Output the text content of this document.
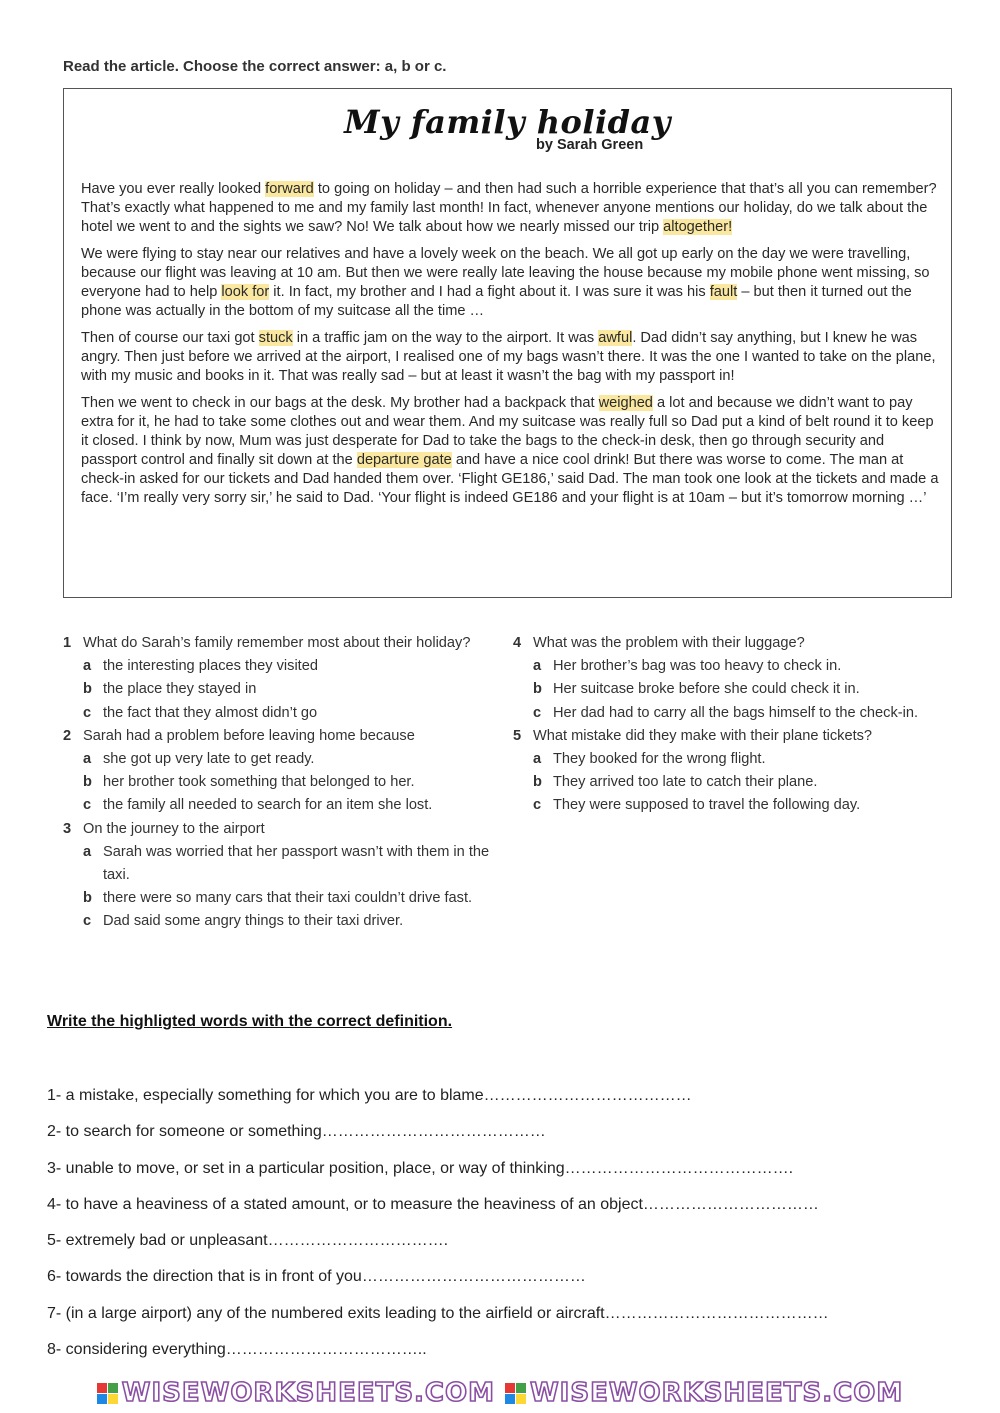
Read the article. Choose the correct answer: a, b or c.
My family holiday
by Sarah Green

Have you ever really looked forward to going on holiday – and then had such a horrible experience that that’s all you can remember? That’s exactly what happened to me and my family last month! In fact, whenever anyone mentions our holiday, do we talk about the hotel we went to and the sights we saw? No! We talk about how we nearly missed our trip altogether!

We were flying to stay near our relatives and have a lovely week on the beach. We all got up early on the day we were travelling, because our flight was leaving at 10 am. But then we were really late leaving the house because my mobile phone went missing, so everyone had to help look for it. In fact, my brother and I had a fight about it. I was sure it was his fault – but then it turned out the phone was actually in the bottom of my suitcase all the time …

Then of course our taxi got stuck in a traffic jam on the way to the airport. It was awful. Dad didn’t say anything, but I knew he was angry. Then just before we arrived at the airport, I realised one of my bags wasn’t there. It was the one I wanted to take on the plane, with my music and books in it. That was really sad – but at least it wasn’t the bag with my passport in!

Then we went to check in our bags at the desk. My brother had a backpack that weighed a lot and because we didn’t want to pay extra for it, he had to take some clothes out and wear them. And my suitcase was really full so Dad put a kind of belt round it to keep it closed. I think by now, Mum was just desperate for Dad to take the bags to the check-in desk, then go through security and passport control and finally sit down at the departure gate and have a nice cool drink! But there was worse to come. The man at check-in asked for our tickets and Dad handed them over. ‘Flight GE186,’ said Dad. The man took one look at the tickets and made a face. ‘I’m really very sorry sir,’ he said to Dad. ‘Your flight is indeed GE186 and your flight is at 10am – but it’s tomorrow morning …’

1 What do Sarah’s family remember most about their holiday?
a the interesting places they visited
b the place they stayed in
c the fact that they almost didn’t go
2 Sarah had a problem before leaving home because
a she got up very late to get ready.
b her brother took something that belonged to her.
c the family all needed to search for an item she lost.
3 On the journey to the airport
a Sarah was worried that her passport wasn’t with them in the taxi.
b there were so many cars that their taxi couldn’t drive fast.
c Dad said some angry things to their taxi driver.
4 What was the problem with their luggage?
a Her brother’s bag was too heavy to check in.
b Her suitcase broke before she could check it in.
c Her dad had to carry all the bags himself to the check-in.
5 What mistake did they make with their plane tickets?
a They booked for the wrong flight.
b They arrived too late to catch their plane.
c They were supposed to travel the following day.
Write the highligted words with the correct definition.
1- a mistake, especially something for which you are to blame…………………………………
2- to search for someone or something……………………………………
3- unable to move, or set in a particular position, place, or way of thinking…………………………………….
4- to have a heaviness of a stated amount, or to measure the heaviness of an object……………………………
5- extremely bad or unpleasant…………………………….
6- towards the direction that is in front of you……………………………………
7- (in a large airport) any of the numbered exits leading to the airfield or aircraft……………………………………
8- considering everything………………………………..
WISEWORKSHEETS.COM WISEWORKSHEETS.COM
